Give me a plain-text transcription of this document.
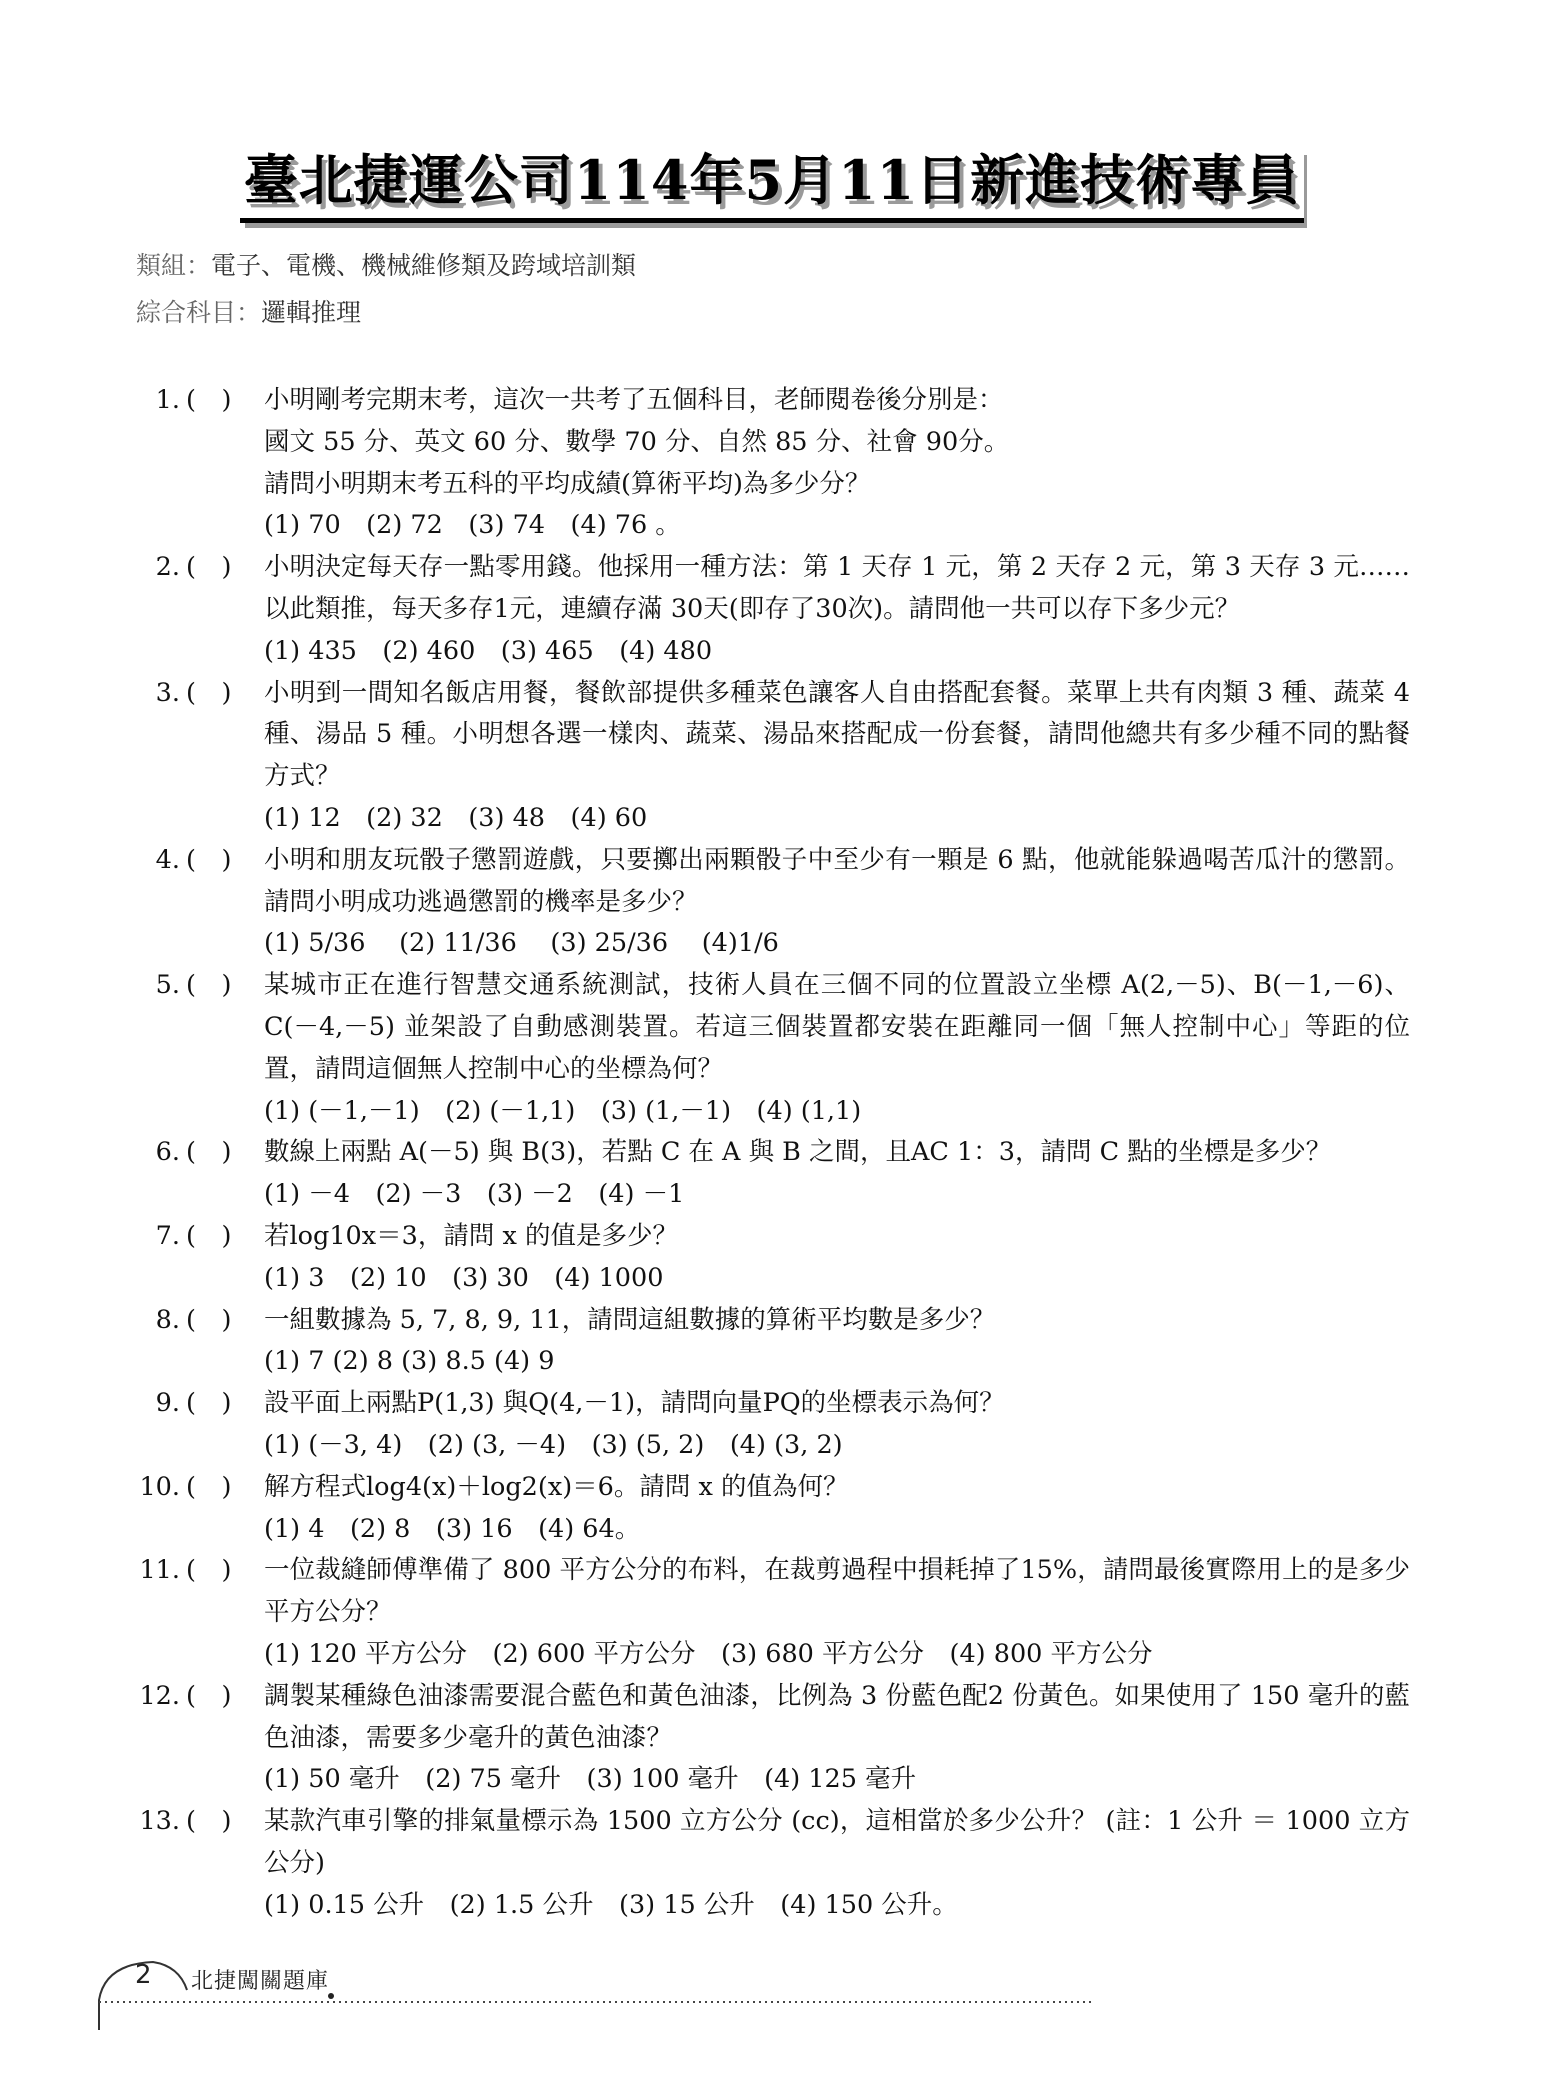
臺北捷運公司114年5月11日新進技術專員
類組：電子、電機、機械維修類及跨域培訓類
綜合科目：邏輯推理
1. (　) 小明剛考完期末考，這次一共考了五個科目，老師閱卷後分別是：
國文 55 分、英文 60 分、數學 70 分、自然 85 分、社會 90分。
請問小明期末考五科的平均成績(算術平均)為多少分？
(1) 70　(2) 72　(3) 74　(4) 76 。
2. (　) 小明決定每天存一點零用錢。他採用一種方法：第 1 天存 1 元，第 2 天存 2 元，第 3 天存 3 元……以此類推，每天多存1元，連續存滿 30天(即存了30次)。請問他一共可以存下多少元？
(1) 435　(2) 460　(3) 465　(4) 480
3. (　) 小明到一間知名飯店用餐，餐飲部提供多種菜色讓客人自由搭配套餐。菜單上共有肉類 3 種、蔬菜 4 種、湯品 5 種。小明想各選一樣肉、蔬菜、湯品來搭配成一份套餐，請問他總共有多少種不同的點餐方式？
(1) 12　(2) 32　(3) 48　(4) 60
4. (　) 小明和朋友玩骰子懲罰遊戲，只要擲出兩顆骰子中至少有一顆是 6 點，他就能躲過喝苦瓜汁的懲罰。請問小明成功逃過懲罰的機率是多少？
(1) 5/36　 (2) 11/36　 (3) 25/36　 (4)1/6
5. (　) 某城市正在進行智慧交通系統測試，技術人員在三個不同的位置設立坐標 A(2,－5)、B(－1,－6)、C(－4,－5) 並架設了自動感測裝置。若這三個裝置都安裝在距離同一個「無人控制中心」等距的位置，請問這個無人控制中心的坐標為何？
(1) (－1,－1)　(2) (－1,1)　(3) (1,－1)　(4) (1,1)
6. (　) 數線上兩點 A(－5) 與 B(3)，若點 C 在 A 與 B 之間，且AC 1：3，請問 C 點的坐標是多少？
(1) －4　(2) －3　(3) －2　(4) －1
7. (　) 若log10x＝3，請問 x 的值是多少？
(1) 3　(2) 10　(3) 30　(4) 1000
8. (　) 一組數據為 5, 7, 8, 9, 11，請問這組數據的算術平均數是多少？
(1) 7 (2) 8 (3) 8.5 (4) 9
9. (　) 設平面上兩點P(1,3) 與Q(4,－1)，請問向量PQ的坐標表示為何？
(1) (－3, 4)　(2) (3, －4)　(3) (5, 2)　(4) (3, 2)
10. (　) 解方程式log4(x)＋log2(x)＝6。請問 x 的值為何？
(1) 4　(2) 8　(3) 16　(4) 64。
11. (　) 一位裁縫師傅準備了 800 平方公分的布料，在裁剪過程中損耗掉了15%，請問最後實際用上的是多少平方公分？
(1) 120 平方公分　(2) 600 平方公分　(3) 680 平方公分　(4) 800 平方公分
12. (　) 調製某種綠色油漆需要混合藍色和黃色油漆，比例為 3 份藍色配2 份黃色。如果使用了 150 毫升的藍色油漆，需要多少毫升的黃色油漆？
(1) 50 毫升　(2) 75 毫升　(3) 100 毫升　(4) 125 毫升
13. (　) 某款汽車引擎的排氣量標示為 1500 立方公分 (cc)，這相當於多少公升？ (註：1 公升 ＝ 1000 立方公分)
(1) 0.15 公升　(2) 1.5 公升　(3) 15 公升　(4) 150 公升。
2 北捷闖關題庫
